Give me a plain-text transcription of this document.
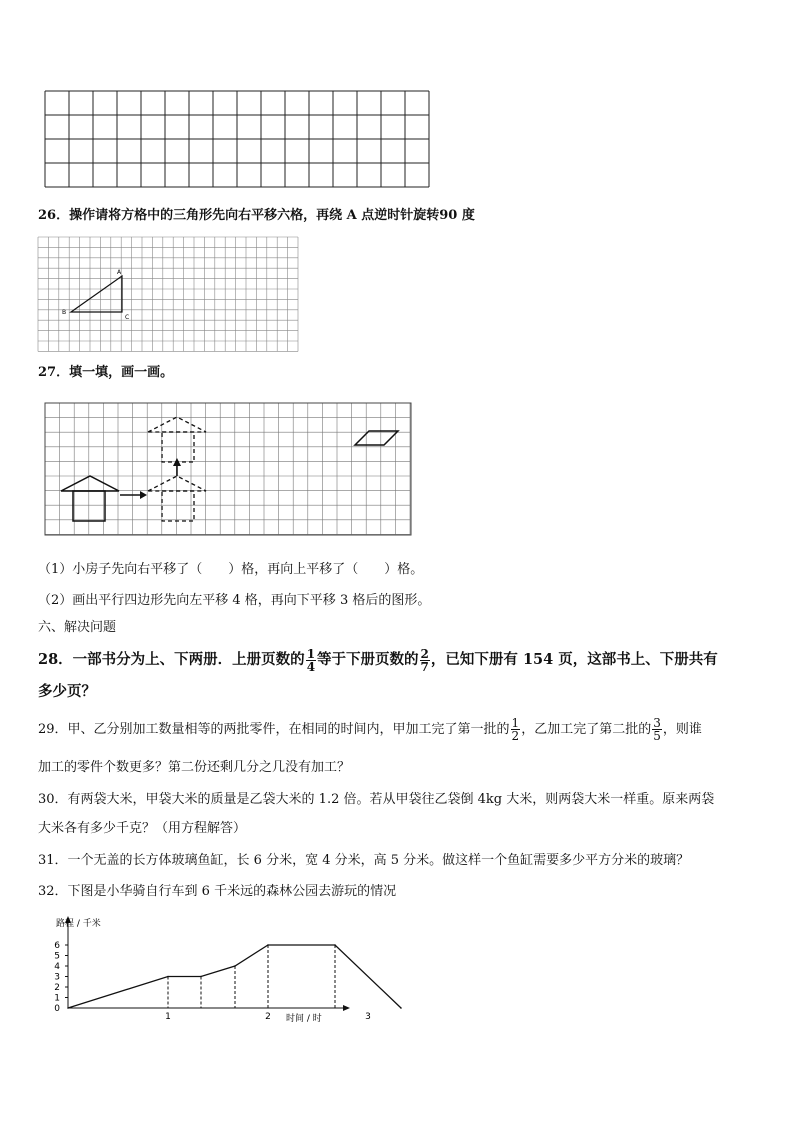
26．操作请将方格中的三角形先向右平移六格，再绕 A 点逆时针旋转90 度
A
B
C
27．填一填，画一画。
（1）小房子先向右平移了（　　）格，再向上平移了（　　）格。
（2）画出平行四边形先向左平移 4 格，再向下平移 3 格后的图形。
六、解决问题
28．一部书分为上、下两册．上册页数的 $\frac{1}{4}$ 等于下册页数的 $\frac{2}{7}$ ，已知下册有 154 页，这部书上、下册共有
多少页？
29．甲、乙分别加工数量相等的两批零件，在相同的时间内，甲加工完了第一批的 $\frac{1}{2}$ ，乙加工完了第二批的 $\frac{3}{5}$ ，则谁
加工的零件个数更多？第二份还剩几分之几没有加工？
30．有两袋大米，甲袋大米的质量是乙袋大米的 1.2 倍。若从甲袋往乙袋倒 4kg 大米，则两袋大米一样重。原来两袋
大米各有多少千克？（用方程解答）
31．一个无盖的长方体玻璃鱼缸，长 6 分米，宽 4 分米，高 5 分米。做这样一个鱼缸需要多少平方分米的玻璃？
32．下图是小华骑自行车到 6 千米远的森林公园去游玩的情况
路程 / 千米
时间 / 时
0
1
2
3
4
5
6
1	2	3
